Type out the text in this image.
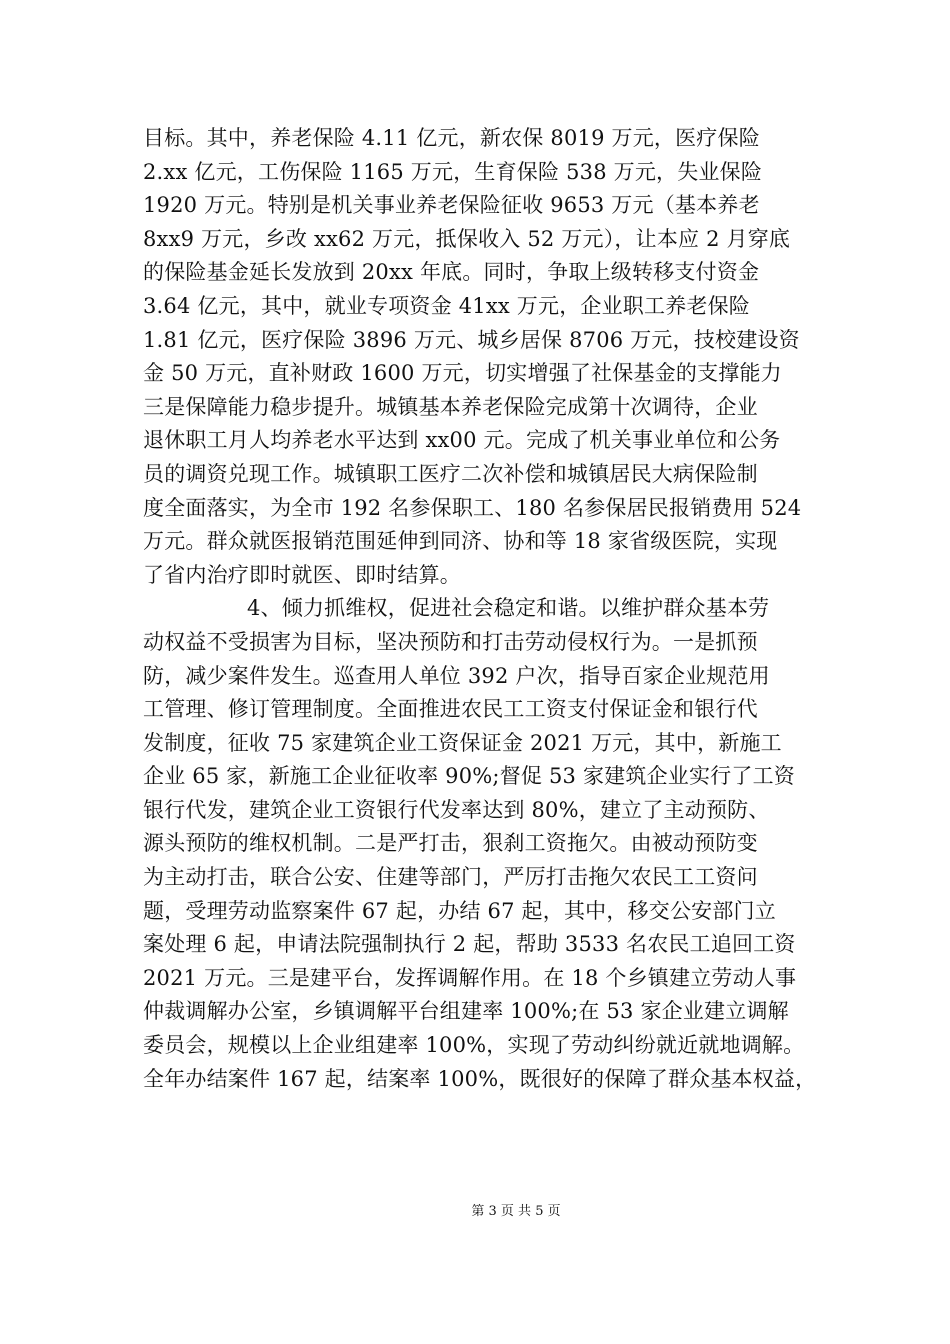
目标。其中，养老保险 4.11 亿元，新农保 8019 万元，医疗保险
2.xx 亿元，工伤保险 1165 万元，生育保险 538 万元，失业保险
1920 万元。特别是机关事业养老保险征收 9653 万元（基本养老
8xx9 万元，乡改 xx62 万元，抵保收入 52 万元），让本应 2 月穿底
的保险基金延长发放到 20xx 年底。同时，争取上级转移支付资金
3.64 亿元，其中，就业专项资金 41xx 万元，企业职工养老保险
1.81 亿元，医疗保险 3896 万元、城乡居保 8706 万元，技校建设资
金 50 万元，直补财政 1600 万元，切实增强了社保基金的支撑能力
三是保障能力稳步提升。城镇基本养老保险完成第十次调待，企业
退休职工月人均养老水平达到 xx00 元。完成了机关事业单位和公务
员的调资兑现工作。城镇职工医疗二次补偿和城镇居民大病保险制
度全面落实，为全市 192 名参保职工、180 名参保居民报销费用 524
万元。群众就医报销范围延伸到同济、协和等 18 家省级医院，实现
了省内治疗即时就医、即时结算。
4、倾力抓维权，促进社会稳定和谐。以维护群众基本劳
动权益不受损害为目标，坚决预防和打击劳动侵权行为。一是抓预
防，减少案件发生。巡查用人单位 392 户次，指导百家企业规范用
工管理、修订管理制度。全面推进农民工工资支付保证金和银行代
发制度，征收 75 家建筑企业工资保证金 2021 万元，其中，新施工
企业 65 家，新施工企业征收率 90%;督促 53 家建筑企业实行了工资
银行代发，建筑企业工资银行代发率达到 80%，建立了主动预防、
源头预防的维权机制。二是严打击，狠刹工资拖欠。由被动预防变
为主动打击，联合公安、住建等部门，严厉打击拖欠农民工工资问
题，受理劳动监察案件 67 起，办结 67 起，其中，移交公安部门立
案处理 6 起，申请法院强制执行 2 起，帮助 3533 名农民工追回工资
2021 万元。三是建平台，发挥调解作用。在 18 个乡镇建立劳动人事
仲裁调解办公室，乡镇调解平台组建率 100%;在 53 家企业建立调解
委员会，规模以上企业组建率 100%，实现了劳动纠纷就近就地调解。
全年办结案件 167 起，结案率 100%，既很好的保障了群众基本权益，
第 3 页 共 5 页
